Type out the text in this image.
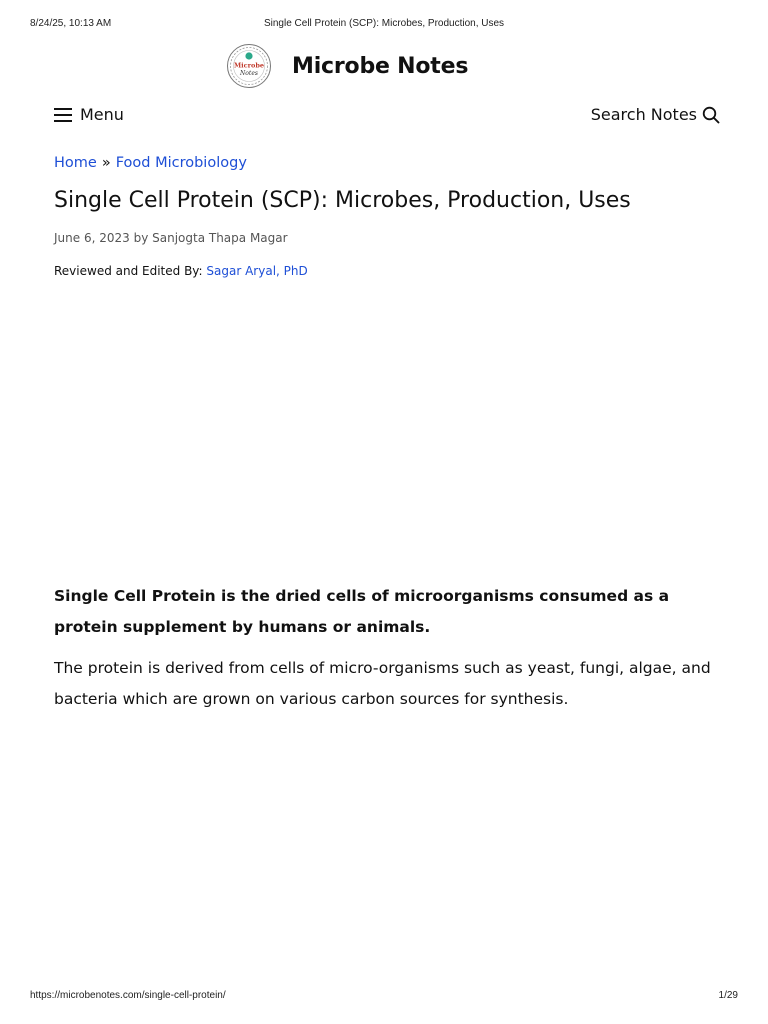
8/24/25, 10:13 AM	Single Cell Protein (SCP): Microbes, Production, Uses
Microbe
Notes Microbe Notes
Menu	Search Notes
Home » Food Microbiology
Single Cell Protein (SCP): Microbes, Production, Uses
June 6, 2023 by Sanjogta Thapa Magar
Reviewed and Edited By: Sagar Aryal, PhD

Single Cell Protein is the dried cells of microorganisms consumed as a protein supplement by humans or animals.

The protein is derived from cells of micro-organisms such as yeast, fungi, algae, and bacteria which are grown on various carbon sources for synthesis.

https://microbenotes.com/single-cell-protein/	1/29
